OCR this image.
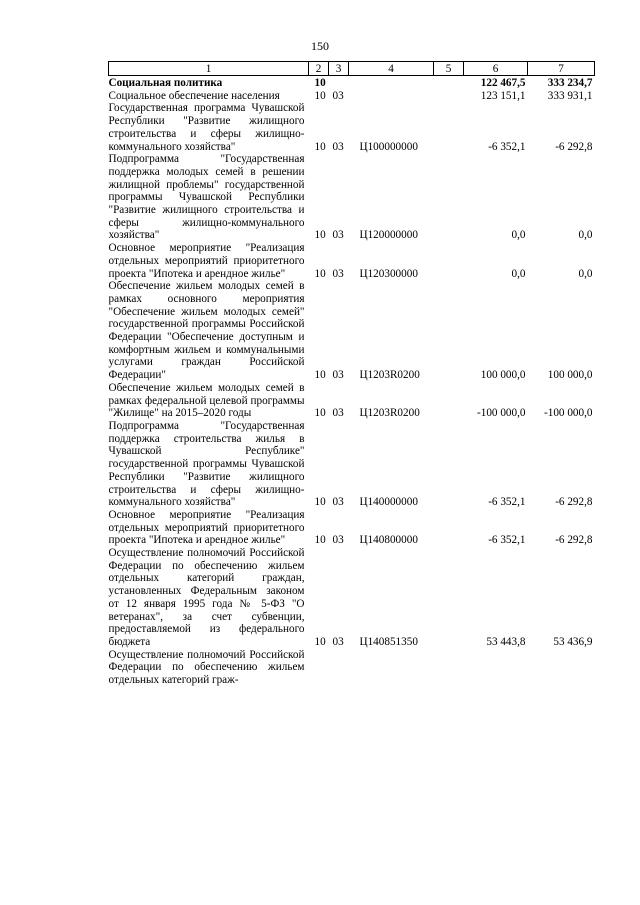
150
1	2	3	4	5	6	7
Социальная политика	10				122 467,5	333 234,7
Социальное обеспечение населения	10	03			123 151,1	333 931,1
Государственная программа Чувашской Республики "Развитие жилищного строительства и сферы жилищно-коммунального хозяйства"	10	03	Ц100000000		-6 352,1	-6 292,8
Подпрограмма "Государственная поддержка молодых семей в решении жилищной проблемы" государственной программы Чувашской Республики "Развитие жилищного строительства и сферы жилищно-коммунального хозяйства"	10	03	Ц120000000		0,0	0,0
Основное мероприятие "Реализация отдельных мероприятий приоритетного проекта "Ипотека и арендное жилье"	10	03	Ц120300000		0,0	0,0
Обеспечение жильем молодых семей в рамках основного мероприятия "Обеспечение жильем молодых семей" государственной программы Российской Федерации "Обеспечение доступным и комфортным жильем и коммунальными услугами граждан Российской Федерации"	10	03	Ц1203R0200		100 000,0	100 000,0
Обеспечение жильем молодых семей в рамках федеральной целевой программы "Жилище" на 2015–2020 годы	10	03	Ц1203R0200		-100 000,0	-100 000,0
Подпрограмма "Государственная поддержка строительства жилья в Чувашской Республике" государственной программы Чувашской Республики "Развитие жилищного строительства и сферы жилищно-коммунального хозяйства"	10	03	Ц140000000		-6 352,1	-6 292,8
Основное мероприятие "Реализация отдельных мероприятий приоритетного проекта "Ипотека и арендное жилье"	10	03	Ц140800000		-6 352,1	-6 292,8
Осуществление полномочий Российской Федерации по обеспечению жильем отдельных категорий граждан, установленных Федеральным законом от 12 января 1995 года № 5-ФЗ "О ветеранах", за счет субвенции, предоставляемой из федерального бюджета	10	03	Ц140851350		53 443,8	53 436,9
Осуществление полномочий Российской Федерации по обеспечению жильем отдельных категорий граж-						
